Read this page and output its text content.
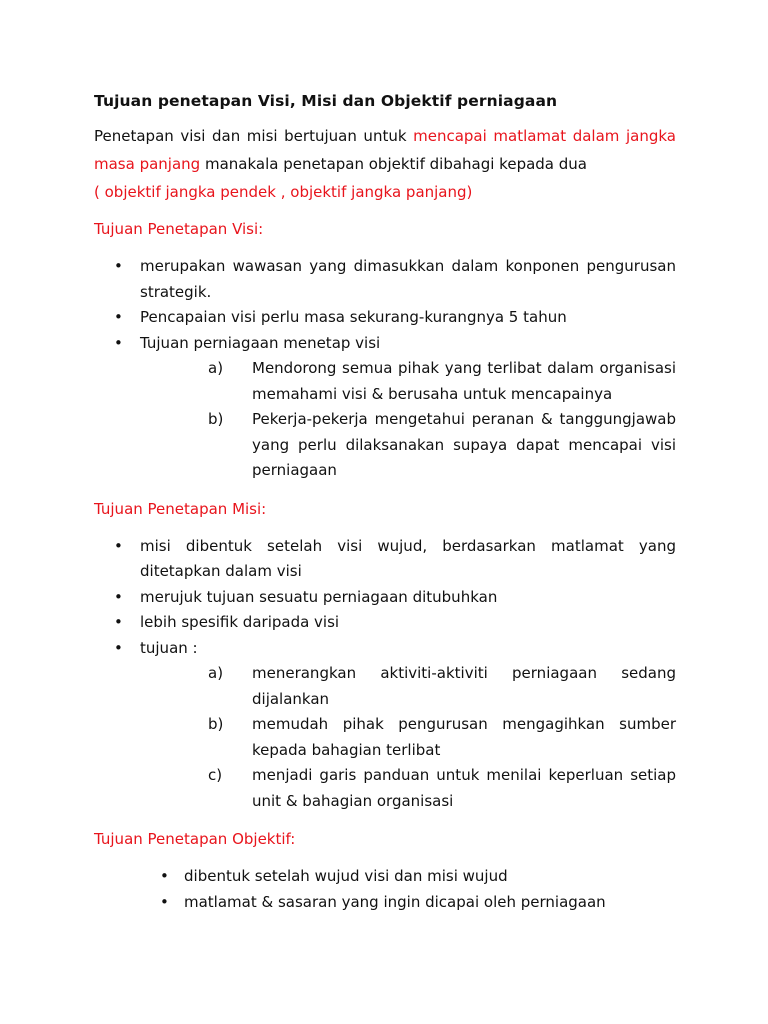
Tujuan penetapan Visi, Misi dan Objektif perniagaan
Penetapan visi dan misi bertujuan untuk mencapai matlamat dalam jangka masa panjang manakala penetapan objektif dibahagi kepada dua
( objektif jangka pendek , objektif jangka panjang)
Tujuan Penetapan Visi:
• merupakan wawasan yang dimasukkan dalam konponen pengurusan strategik.
• Pencapaian visi perlu masa sekurang-kurangnya 5 tahun
• Tujuan perniagaan menetap visi
a) Mendorong semua pihak yang terlibat dalam organisasi memahami visi & berusaha untuk mencapainya
b) Pekerja-pekerja mengetahui peranan & tanggungjawab yang perlu dilaksanakan supaya dapat mencapai visi perniagaan
Tujuan Penetapan Misi:
• misi dibentuk setelah visi wujud, berdasarkan matlamat yang ditetapkan dalam visi
• merujuk tujuan sesuatu perniagaan ditubuhkan
• lebih spesifik daripada visi
• tujuan :
a) menerangkan aktiviti-aktiviti perniagaan sedang dijalankan
b) memudah pihak pengurusan mengagihkan sumber kepada bahagian terlibat
c) menjadi garis panduan untuk menilai keperluan setiap unit & bahagian organisasi
Tujuan Penetapan Objektif:
• dibentuk setelah wujud visi dan misi wujud
• matlamat & sasaran yang ingin dicapai oleh perniagaan
